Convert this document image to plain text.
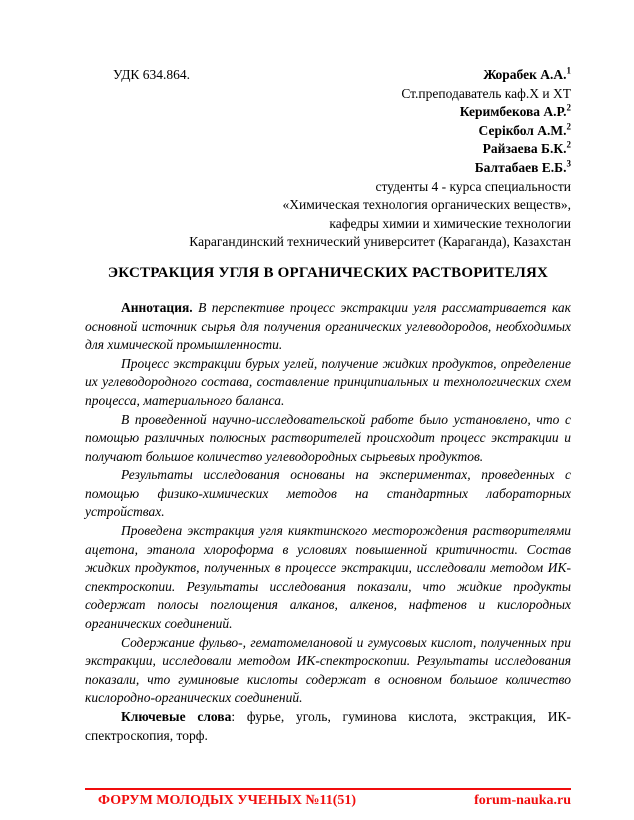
УДК 634.864.	Жорабек А.А.$^1$
Ст.преподаватель каф.Х и ХТ
Керимбекова А.Р.$^2$
Серікбол А.М.$^2$
Райзаева Б.К.$^2$
Балтабаев Е.Б.$^3$
студенты 4 - курса специальности
«Химическая технология органических веществ»,
кафедры химии и химические технологии
Карагандинский технический университет (Караганда), Казахстан
ЭКСТРАКЦИЯ УГЛЯ В ОРГАНИЧЕСКИХ РАСТВОРИТЕЛЯХ

Аннотация. В перспективе процесс экстракции угля рассматривается как основной источник сырья для получения органических углеводородов, необходимых для химической промышленности.

Процесс экстракции бурых углей, получение жидких продуктов, определение их углеводородного состава, составление принципиальных и технологических схем процесса, материального баланса.

В проведенной научно-исследовательской работе было установлено, что с помощью различных полюсных растворителей происходит процесс экстракции и получают большое количество углеводородных сырьевых продуктов.

Результаты исследования основаны на экспериментах, проведенных с помощью физико-химических методов на стандартных лабораторных устройствах.

Проведена экстракция угля кияктинского месторождения растворителями ацетона, этанола хлороформа в условиях повышенной критичности. Состав жидких продуктов, полученных в процессе экстракции, исследовали методом ИК-спектроскопии. Результаты исследования показали, что жидкие продукты содержат полосы поглощения алканов, алкенов, нафтенов и кислородных органических соединений.

Содержание фульво-, гематомелановой и гумусовых кислот, полученных при экстракции, исследовали методом ИК-спектроскопии. Результаты исследования показали, что гуминовые кислоты содержат в основном большое количество кислородно-органических соединений.

Ключевые слова: фурье, уголь, гуминова кислота, экстракция, ИК-спектроскопия, торф.

ФОРУМ МОЛОДЫХ УЧЕНЫХ №11(51)	forum-nauka.ru
